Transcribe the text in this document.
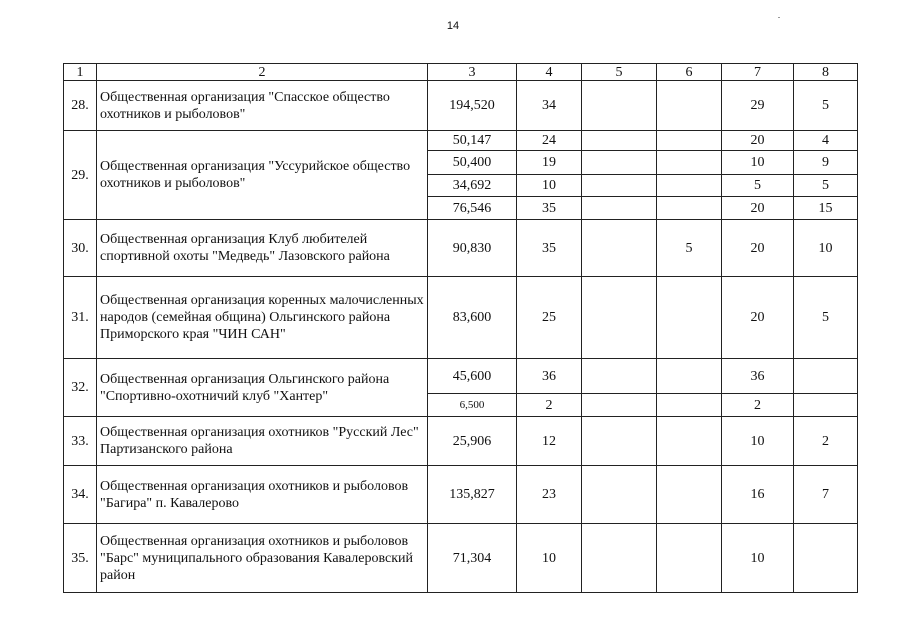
14
1	2	3	4	5	6	7	8
28.	Общественная организация "Спасское общество охотников и рыболовов"	194,520	34			29	5
29.	Общественная организация "Уссурийское общество охотников и рыболовов"	50,147	24			20	4
		50,400	19			10	9
		34,692	10			5	5
		76,546	35			20	15
30.	Общественная организация Клуб любителей спортивной охоты "Медведь" Лазовского района	90,830	35		5	20	10
31.	Общественная организация коренных малочисленных народов (семейная община) Ольгинского района Приморского края "ЧИН САН"	83,600	25			20	5
32.	Общественная организация Ольгинского района "Спортивно-охотничий клуб "Хантер"	45,600	36			36	
		6,500	2			2	
33.	Общественная организация охотников "Русский Лес" Партизанского района	25,906	12			10	2
34.	Общественная организация охотников и рыболовов "Багира" п. Кавалерово	135,827	23			16	7
35.	Общественная организация охотников и рыболовов "Барс" муниципального образования Кавалеровский район	71,304	10			10	
